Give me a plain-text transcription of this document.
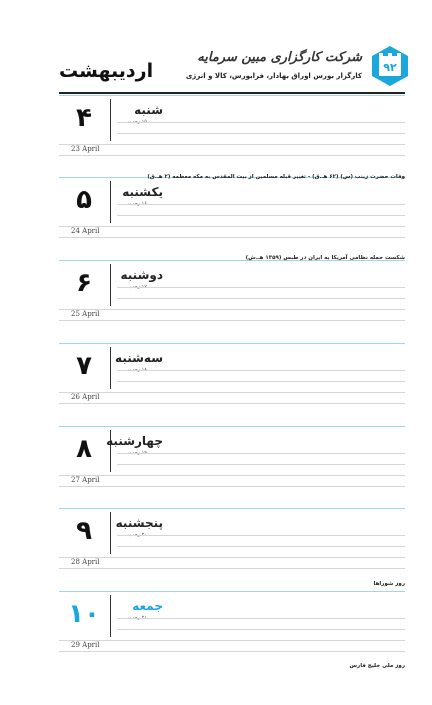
اردیبهشت	۹۲
شرکت کارگزاری مبین سرمایه
کارگزار بورس اوراق بهادار، فرابورس، کالا و انرژی
۴
23 April
شنبه
۵
24 April
یکشنبه
۶
25 April
دوشنبه
۷
26 April
سه‌شنبه
۸
27 April
چهارشنبه
۹
28 April
پنجشنبه
۱۰
29 April
جمعه
وفات حضرت زینب (س) (۶۲ هـ.ق) - تغییر قبله مسلمین از بیت المقدس به مکه معظمه (۲ هـ.ق)
شکست حمله نظامی آمریکا به ایران در طبس (۱۳۵۹ هـ.ش)
روز شوراها
روز ملی خلیج فارس
